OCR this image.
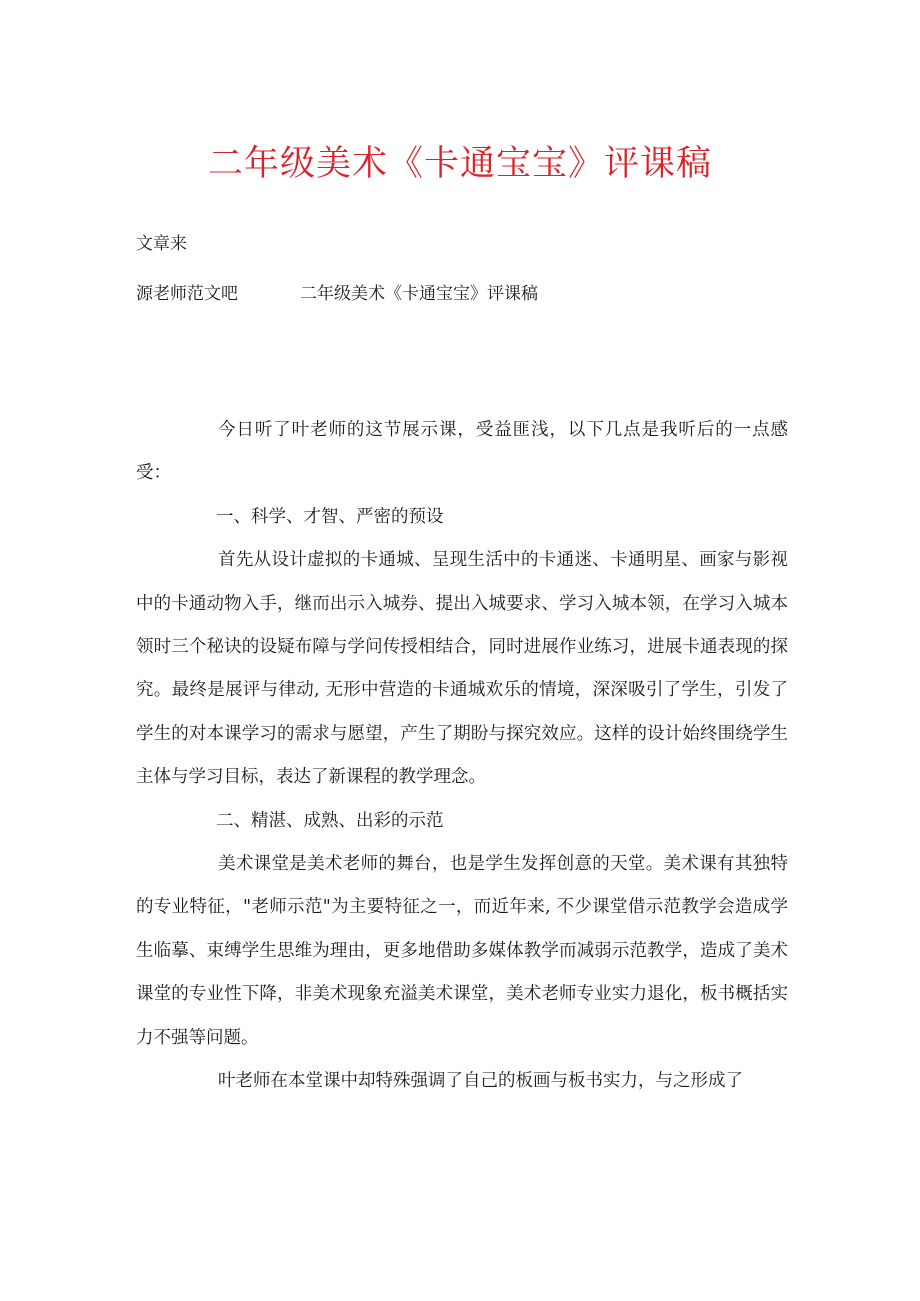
二年级美术《卡通宝宝》评课稿
文章来
源老师范文吧	二年级美术《卡通宝宝》评课稿

今日听了叶老师的这节展示课，受益匪浅，以下几点是我听后的一点感受：

一、科学、才智、严密的预设

首先从设计虚拟的卡通城、呈现生活中的卡通迷、卡通明星、画家与影视中的卡通动物入手，继而出示入城券、提出入城要求、学习入城本领，在学习入城本领时三个秘诀的设疑布障与学问传授相结合，同时进展作业练习，进展卡通表现的探究。最终是展评与律动, 无形中营造的卡通城欢乐的情境，深深吸引了学生，引发了学生的对本课学习的需求与愿望，产生了期盼与探究效应。这样的设计始终围绕学生主体与学习目标，表达了新课程的教学理念。

二、精湛、成熟、出彩的示范

美术课堂是美术老师的舞台，也是学生发挥创意的天堂。美术课有其独特的专业特征，"老师示范"为主要特征之一，而近年来, 不少课堂借示范教学会造成学生临摹、束缚学生思维为理由，更多地借助多媒体教学而减弱示范教学，造成了美术课堂的专业性下降，非美术现象充溢美术课堂，美术老师专业实力退化，板书概括实力不强等问题。

叶老师在本堂课中却特殊强调了自己的板画与板书实力，与之形成了
